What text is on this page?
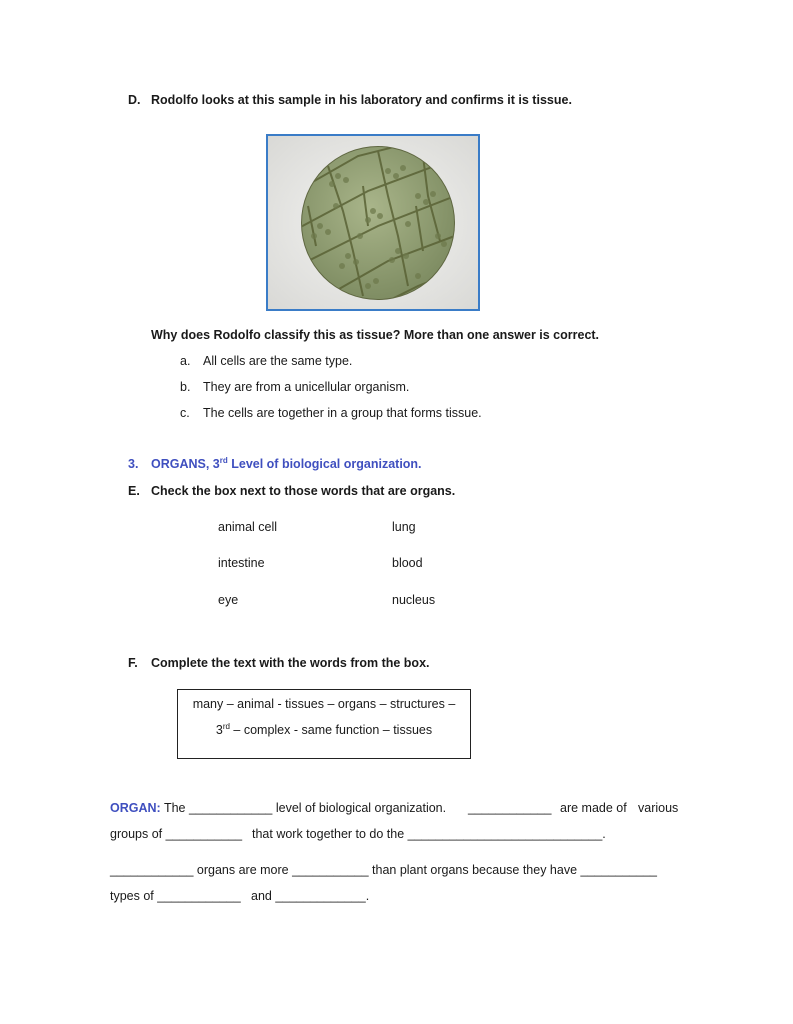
D. Rodolfo looks at this sample in his laboratory and confirms it is tissue.
Why does Rodolfo classify this as tissue? More than one answer is correct.
a. All cells are the same type.
b. They are from a unicellular organism.
c. The cells are together in a group that forms tissue.
3. ORGANS, 3rd Level of biological organization.
E. Check the box next to those words that are organs.
animal cell
intestine
eye
lung
blood
nucleus
F. Complete the text with the words from the box.
many – animal - tissues – organs – structures –
3rd – complex - same function – tissues
ORGAN: The ____________ level of biological organization. ____________ are made of various
groups of ___________ that work together to do the ____________________________.
____________ organs are more ___________ than plant organs because they have ___________
types of ____________ and _____________.
